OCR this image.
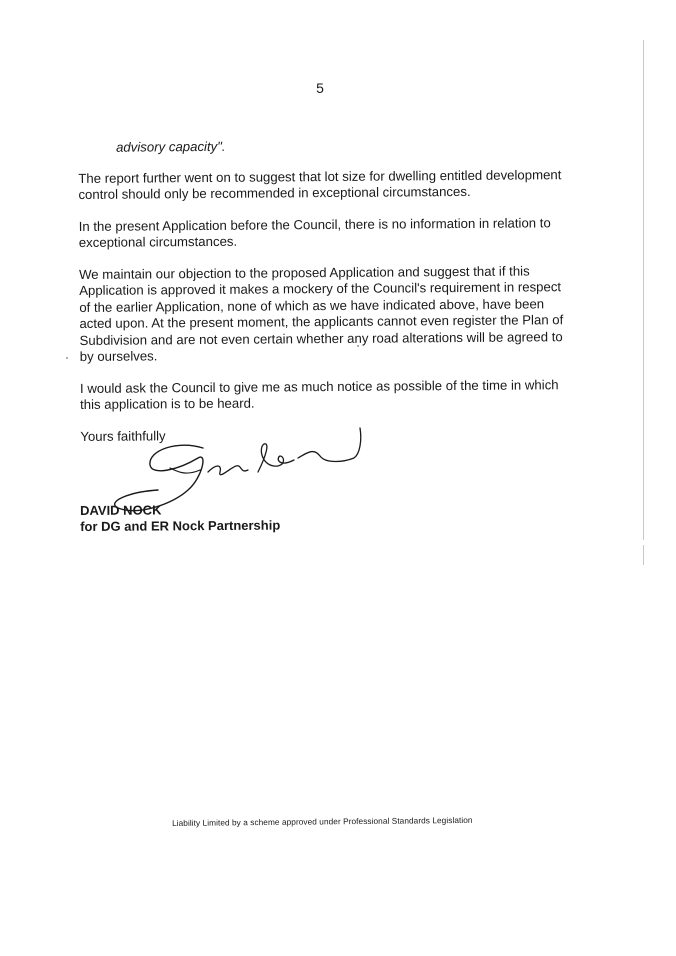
5

advisory capacity".

The report further went on to suggest that lot size for dwelling entitled development control should only be recommended in exceptional circumstances.

In the present Application before the Council, there is no information in relation to exceptional circumstances.

We maintain our objection to the proposed Application and suggest that if this Application is approved it makes a mockery of the Council's requirement in respect of the earlier Application, none of which as we have indicated above, have been acted upon. At the present moment, the applicants cannot even register the Plan of Subdivision and are not even certain whether any road alterations will be agreed to by ourselves.

I would ask the Council to give me as much notice as possible of the time in which this application is to be heard.

Yours faithfully

DAVID NOCK
for DG and ER Nock Partnership
Liability Limited by a scheme approved under Professional Standards Legislation
